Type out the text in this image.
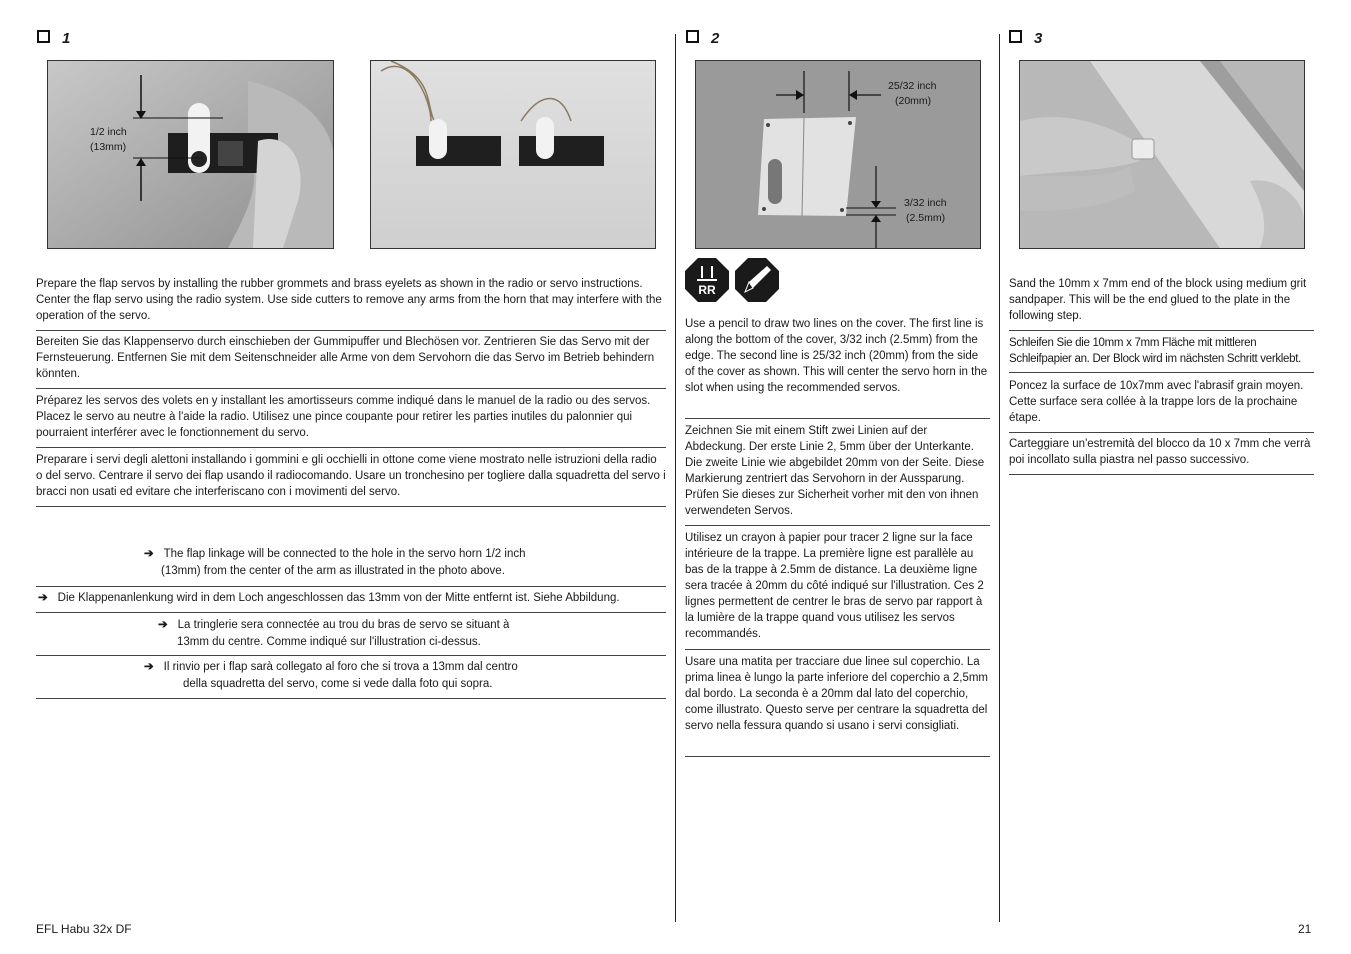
1	2	3
1/2 inch
(13mm)
25/32 inch
(20mm)
3/32 inch
(2.5mm)
RR
Prepare the flap servos by installing the rubber grommets and brass eyelets as shown in the radio or servo instructions. Center the flap servo using the radio system. Use side cutters to remove any arms from the horn that may interfere with the operation of the servo.
Bereiten Sie das Klappenservo durch einschieben der Gummipuffer und Blechösen vor. Zentrieren Sie das Servo mit der Fernsteuerung. Entfernen Sie mit dem Seitenschneider alle Arme von dem Servohorn die das Servo im Betrieb behindern könnten.
Préparez les servos des volets en y installant les amortisseurs comme indiqué dans le manuel de la radio ou des servos. Placez le servo au neutre à l'aide la radio. Utilisez une pince coupante pour retirer les parties inutiles du palonnier qui pourraient interférer avec le fonctionnement du servo.
Preparare i servi degli alettoni installando i gommini e gli occhielli in ottone come viene mostrato nelle istruzioni della radio o del servo. Centrare il servo dei flap usando il radiocomando. Usare un tronchesino per togliere dalla squadretta del servo i bracci non usati ed evitare che interferiscano con i movimenti del servo.
➔ The flap linkage will be connected to the hole in the servo horn 1/2 inch
(13mm) from the center of the arm as illustrated in the photo above.
➔ Die Klappenanlenkung wird in dem Loch angeschlossen das 13mm von der Mitte entfernt ist. Siehe Abbildung.
➔ La tringlerie sera connectée au trou du bras de servo se situant à
13mm du centre. Comme indiqué sur l'illustration ci-dessus.
➔ Il rinvio per i flap sarà collegato al foro che si trova a 13mm dal centro
della squadretta del servo, come si vede dalla foto qui sopra.
Use a pencil to draw two lines on the cover. The first line is along the bottom of the cover, 3/32 inch (2.5mm) from the edge. The second line is 25/32 inch (20mm) from the side of the cover as shown. This will center the servo horn in the slot when using the recommended servos.
Zeichnen Sie mit einem Stift zwei Linien auf der Abdeckung. Der erste Linie 2, 5mm über der Unterkante. Die zweite Linie wie abgebildet 20mm von der Seite. Diese Markierung zentriert das Servohorn in der Aussparung. Prüfen Sie dieses zur Sicherheit vorher mit den von ihnen verwendeten Servos.
Utilisez un crayon à papier pour tracer 2 ligne sur la face intérieure de la trappe. La première ligne est parallèle au bas de la trappe à 2.5mm de distance. La deuxième ligne sera tracée à 20mm du côté indiqué sur l'illustration. Ces 2 lignes permettent de centrer le bras de servo par rapport à la lumière de la trappe quand vous utilisez les servos recommandés.
Usare una matita per tracciare due linee sul coperchio. La prima linea è lungo la parte inferiore del coperchio a 2,5mm dal bordo. La seconda è a 20mm dal lato del coperchio, come illustrato. Questo serve per centrare la squadretta del servo nella fessura quando si usano i servi consigliati.
Sand the 10mm x 7mm end of the block using medium grit sandpaper. This will be the end glued to the plate in the following step.
Schleifen Sie die 10mm x 7mm Fläche mit mittleren Schleifpapier an. Der Block wird im nächsten Schritt verklebt.
Poncez la surface de 10x7mm avec l'abrasif grain moyen. Cette surface sera collée à la trappe lors de la prochaine étape.
Carteggiare un'estremità del blocco da 10 x 7mm che verrà poi incollato sulla piastra nel passo successivo.
EFL Habu 32x DF	21
